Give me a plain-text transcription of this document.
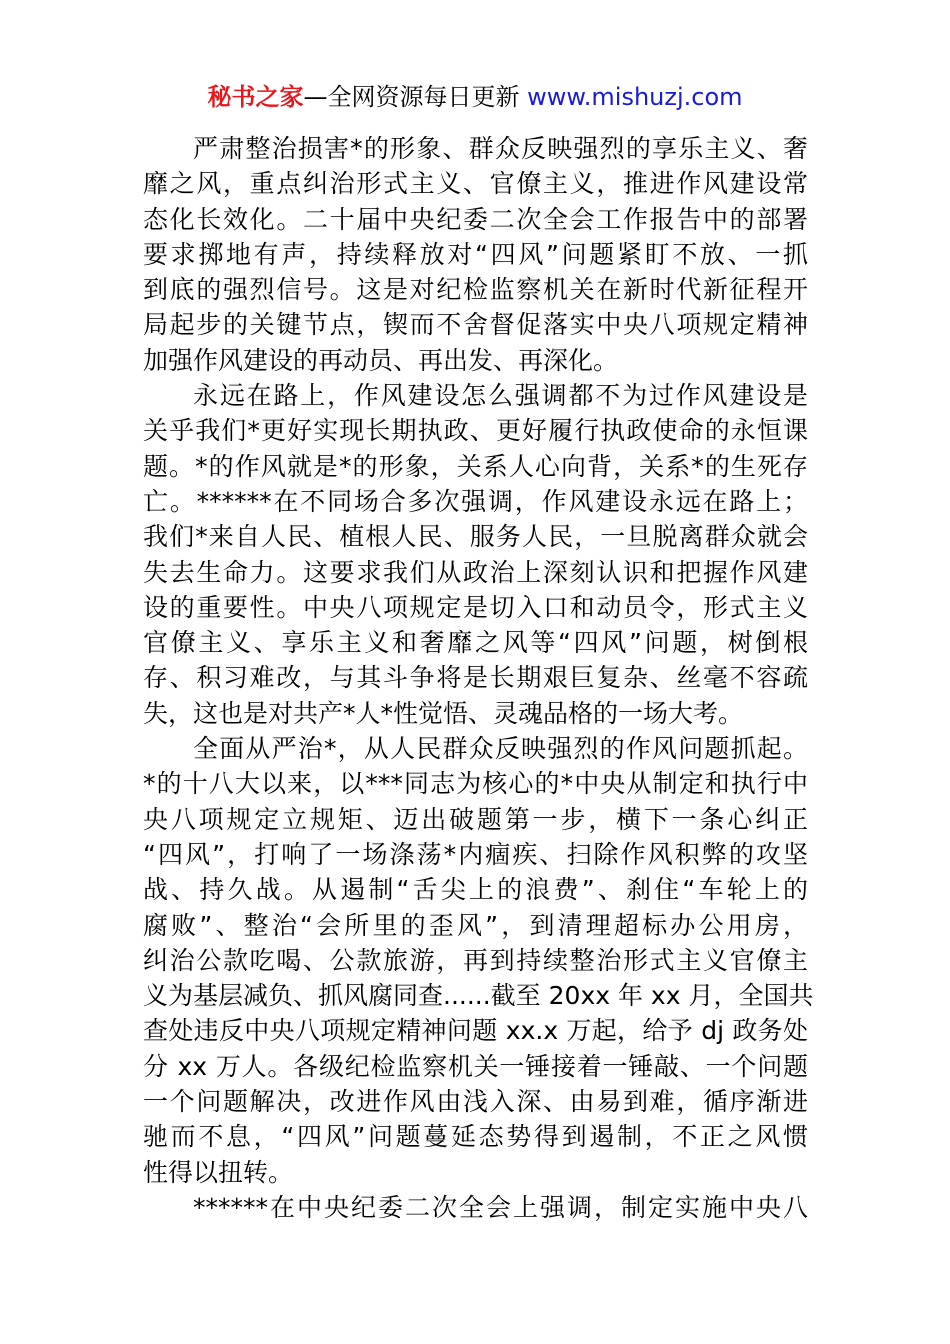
秘书之家—全网资源每日更新 www.mishuzj.com
严肃整治损害*的形象、群众反映强烈的享乐主义、奢
靡之风，重点纠治形式主义、官僚主义，推进作风建设常
态化长效化。二十届中央纪委二次全会工作报告中的部署
要求掷地有声，持续释放对“四风”问题紧盯不放、一抓
到底的强烈信号。这是对纪检监察机关在新时代新征程开
局起步的关键节点，锲而不舍督促落实中央八项规定精神
加强作风建设的再动员、再出发、再深化。
永远在路上，作风建设怎么强调都不为过作风建设是
关乎我们*更好实现长期执政、更好履行执政使命的永恒课
题。*的作风就是*的形象，关系人心向背，关系*的生死存
亡。******在不同场合多次强调，作风建设永远在路上；
我们*来自人民、植根人民、服务人民，一旦脱离群众就会
失去生命力。这要求我们从政治上深刻认识和把握作风建
设的重要性。中央八项规定是切入口和动员令，形式主义
官僚主义、享乐主义和奢靡之风等“四风”问题，树倒根
存、积习难改，与其斗争将是长期艰巨复杂、丝毫不容疏
失，这也是对共产*人*性觉悟、灵魂品格的一场大考。
全面从严治*，从人民群众反映强烈的作风问题抓起。
*的十八大以来，以***同志为核心的*中央从制定和执行中
央八项规定立规矩、迈出破题第一步，横下一条心纠正
“四风”，打响了一场涤荡*内痼疾、扫除作风积弊的攻坚
战、持久战。从遏制“舌尖上的浪费”、刹住“车轮上的
腐败”、整治“会所里的歪风”，到清理超标办公用房，
纠治公款吃喝、公款旅游，再到持续整治形式主义官僚主
义为基层减负、抓风腐同查......截至 20xx 年 xx 月，全国共
查处违反中央八项规定精神问题 xx.x 万起，给予 dj 政务处
分 xx 万人。各级纪检监察机关一锤接着一锤敲、一个问题
一个问题解决，改进作风由浅入深、由易到难，循序渐进
驰而不息，“四风”问题蔓延态势得到遏制，不正之风惯
性得以扭转。
******在中央纪委二次全会上强调，制定实施中央八
